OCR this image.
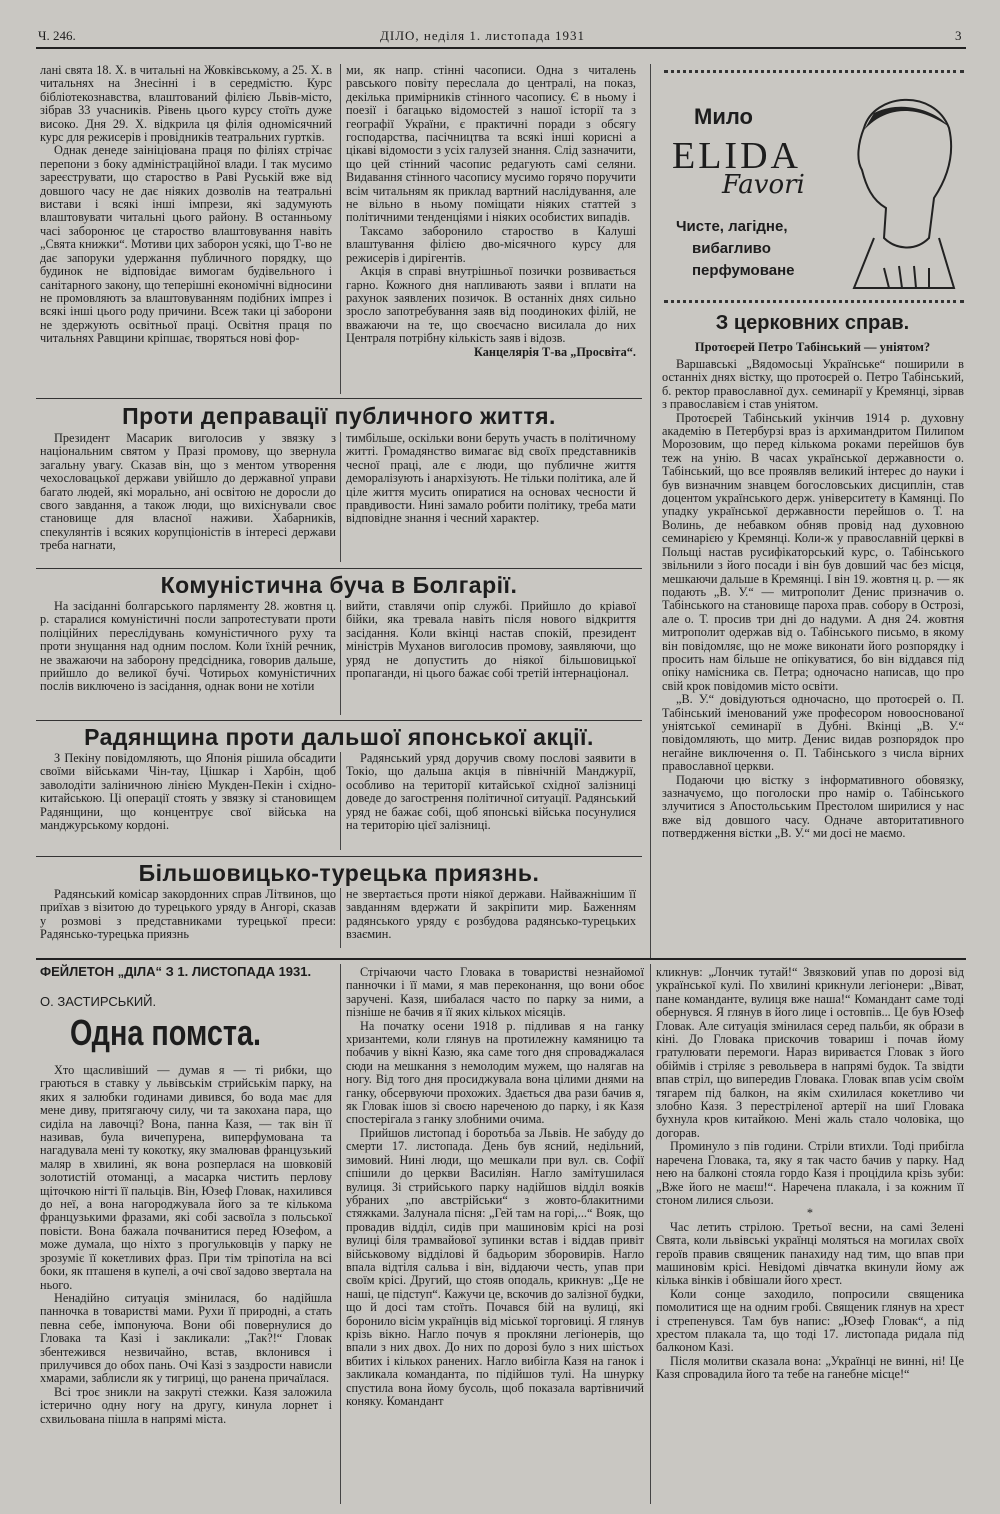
Ч. 246.	ДІЛО, неділя 1. листопада 1931	3

лані свята 18. X. в читальні на Жовківському, а 25. X. в читальнях на Знесінні і в середмістю. Курс бібліотекознавства, влаштований філією Львів-місто, зібрав 33 учасників. Рівень цього курсу стоїть дуже високо. Дня 29. X. відкрила ця філія одномісячний курс для режисерів і провідників театральних гуртків.

Однак денеде заініціована праця по філіях стрічає перепони з боку адміністраційної влади. І так мусимо зареєструвати, що староство в Раві Руській вже від довшого часу не дає ніяких дозволів на театральні вистави і всякі інші імпрези, які задумують влаштовувати читальні цього району. В останньому часі заборонює це староство влаштовування навіть „Свята книжки“. Мотиви цих заборон усякі, що Т-во не дає запоруки удержання публичного порядку, що будинок не відповідає вимогам будівельного і санітарного закону, що теперішні економічні відносини не промовляють за влаштовуванням подібних імпрез і всякі інші цього роду причини. Всеж таки ці заборони не здержують освітньої праці. Освітня праця по читальнях Равщини кріпшає, творяться нові фор-

ми, як напр. стінні часописи. Одна з читалень равського повіту переслала до централі, на показ, декілька примірників стінного часопису. Є в ньому і поезії і багацько відомостей з нашої історії та з географії України, є практичні поради з обсягу господарства, пасічництва та всякі інші корисні а цікаві відомости з усіх галузей знання. Слід зазначити, що цей стінний часопис редагують самі селяни. Видавання стінного часопису мусимо горячо поручити всім читальням як приклад вартний наслідування, але не вільно в ньому поміщати ніяких статтей з політичними тенденціями і ніяких особистих випадів.

Таксамо заборонило староство в Калуші влаштування філією дво-місячного курсу для режисерів і дирігентів.

Акція в справі внутрішньої позички розвивається гарно. Кожного дня напливають заяви і вплати на рахунок заявлених позичок. В останніх днях сильно зросло запотребування заяв від поодиноких філій, не вважаючи на те, що своєчасно висилала до них Централя потрібну кількість заяв і відозв.

Канцелярія Т-ва „Просвіта“.
Мило
ELIDA
Favori
Чисте, лагідне,
вибагливо
перфумоване
З церковних справ.
Протоєрей Петро Табінський — уніятом?

Варшавські „Вядомосьці Українське“ поширили в останніх днях вістку, що протоєрей о. Петро Табінський, б. ректор православної дух. семинарії у Кремянці, зірвав з православієм і став уніятом.

Протоєрей Табінський укінчив 1914 р. духовну академію в Петербурзі враз із архимандритом Пилипом Морозовим, що перед кількома роками перейшов був теж на унію. В часах української державности о. Табінський, що все проявляв великий інтерес до науки і був визначним знавцем богословських дисциплін, став доцентом українського держ. університету в Камянці. По упадку української державности перейшов о. Т. на Волинь, де небавком обняв провід над духовною семинарією у Кремянці. Коли-ж у православній церкві в Польщі настав русифікаторський курс, о. Табінського звільнили з його посади і він був довший час без місця, мешкаючи дальше в Кремянці. І він 19. жовтня ц. р. — як подають „В. У.“ — митрополит Денис призначив о. Табінського на становище пароха прав. собору в Острозі, але о. Т. просив три дні до надуми. А дня 24. жовтня митрополит одержав від о. Табінського письмо, в якому він повідомляє, що не може виконати його розпорядку і просить нам більше не опікуватися, бо він віддався під опіку намісника св. Петра; одночасно написав, що про свій крок повідомив місто освіти.

„В. У.“ довідуються одночасно, що протоєрей о. П. Табінський іменований уже професором новооснованої уніятської семинарії в Дубні. Вкінці „В. У.“ повідомляють, що митр. Денис видав розпорядок про негайне виключення о. П. Табінського з числа вірних православної церкви.

Подаючи цю вістку з інформативного обовязку, зазначуємо, що поголоски про намір о. Табінського злучитися з Апостольським Престолом ширилися у нас вже від довшого часу. Одначе авторитативного потвердження вістки „В. У.“ ми досі не маємо.

Проти деправації публичного життя.

Президент Масарик виголосив у звязку з національним святом у Празі промову, що звернула загальну увагу. Сказав він, що з ментом утворення чехословацької держави увійшло до державної управи багато людей, які морально, ані освітою не доросли до свого завдання, а також люди, що вихіснували своє становище для власної наживи. Хабарників, спекулянтів і всяких корупціоністів в інтересі держави треба нагнати,

тимбільше, оскільки вони беруть участь в політичному житті. Громадянство вимагає від своїх представників чесної праці, але є люди, що публичне життя деморалізують і анархізують. Не тільки політика, але й ціле життя мусить опиратися на основах чесности й правдивости. Нині замало робити політику, треба мати відповідне знання і чесний характер.

Комуністична буча в Болгарії.

На засіданні болгарського парляменту 28. жовтня ц. р. старалися комуністичні посли запротестувати проти поліційних переслідувань комуністичного руху та проти знущання над одним послом. Коли їхній речник, не зважаючи на заборону предсідника, говорив дальше, прийшло до великої бучі. Чотирьох комуністичних послів виключено із засідання, однак вони не хотіли

вийти, ставлячи опір службі. Прийшло до кріавої бійки, яка тревала навіть після нового відкриття засідання. Коли вкінці настав спокій, президент міністрів Муханов виголосив промову, заявляючи, що уряд не допустить до ніякої більшовицької пропаганди, ні цього бажає собі третій інтернаціонал.

Радянщина проти дальшої японської акції.

З Пекіну повідомляють, що Японія рішила обсадити своїми військами Чін-тау, Цішкар і Харбін, щоб заволодіти заліничною лінією Мукден-Пекін і східно-китайською. Ці операції стоять у звязку зі становищем Радянщини, що концентрує свої війська на манджурському кордоні.

Радянський уряд доручив свому послові заявити в Токіо, що дальша акція в північній Манджурії, особливо на території китайської східної залізниці доведе до загострення політичної ситуації. Радянський уряд не бажає собі, щоб японські війська посунулися на територію цієї залізниці.

Більшовицько-турецька приязнь.

Радянський комісар закордонних справ Літвинов, що приїхав з візитою до турецького уряду в Ангорі, сказав у розмові з представниками турецької преси: Радянсько-турецька приязнь

не звертається проти ніякої держави. Найважнішим її завданням вдержати й закріпити мир. Баженням радянського уряду є розбудова радянсько-турецьких взаємин.

ФЕЙЛЕТОН „ДІЛА“ З 1. ЛИСТОПАДА 1931.
О. ЗАСТИРСЬКИЙ.
Одна помста.

Хто щасливіший — думав я — ті рибки, що граються в ставку у львівськім стрийськім парку, на яких я залюбки годинами дивився, бо вода має для мене диву, притягаючу силу, чи та закохана пара, що сиділа на лавочці? Вона, панна Казя, — так він її називав, була вичепурена, виперфумована та нагадувала мені ту кокотку, яку змалював французький маляр в хвилині, як вона розперлася на шовковій золотистій отоманці, а масарка чистить перлову щіточкою нігті її пальців. Він, Юзеф Гловак, нахилився до неї, а вона нагороджувала його за те кількома французькими фразами, які собі засвоїла з польської повісти. Вона бажала почванитися перед Юзефом, а може думала, що ніхто з прогульковців у парку не зрозуміє її кокетливих фраз. При тім тріпотіла на всі боки, як пташеня в купелі, а очі свої задово звертала на нього.

Ненадійно ситуація змінилася, бо надійшла панночка в товаристві мами. Рухи її природні, а стать певна себе, імпонуюча. Вони обі повернулися до Гловака та Казі і закликали: „Так?!“ Гловак збентежився незвичайно, встав, вклонився і прилучився до обох пань. Очі Казі з заздрости нависли хмарами, заблисли як у тигриці, що ранена причаїлася.

Всі троє зникли на закруті стежки. Казя заложила істерично одну ногу на другу, кинула лорнет і схвильована пішла в напрямі міста.

Стрічаючи часто Гловака в товаристві незнайомої панночки і її мами, я мав переконання, що вони обоє заручені. Казя, шибалася часто по парку за ними, а пізніше не бачив я її яких кількох місяців.

На початку осени 1918 р. підливав я на ганку хризантеми, коли глянув на протилежну камяницю та побачив у вікні Казю, яка саме того дня спроваджалася сюди на мешкання з немолодим мужем, що налягав на ногу. Від того дня просиджувала вона цілими днями на ганку, обсервуючи прохожих. Здається два рази бачив я, як Гловак ішов зі своєю нареченою до парку, і як Казя спостерігала з ганку злобними очима.

Прийшов листопад і боротьба за Львів. Не забуду до смерти 17. листопада. День був ясний, недільний, зимовий. Нинi люди, що мешкали при вул. св. Софії спішили до церкви Василіян. Нагло замітушилася вулиця. Зі стрийського парку надійшов відділ вояків убраних „по австрійськи“ з жовто-блакитними стяжками. Залунала пісня: „Гей там на горі,...“ Вояк, що провадив відділ, сидів при машиновім крісі на розі вулиці біля трамвайової зупинки встав і віддав привіт військовому відділові й бадьорим зборовирів. Нагло впала відтіля сальва і він, віддаючи честь, упав при своїм крісі. Другий, що стояв оподаль, крикнув: „Це не наші, це підступ“. Кажучи це, вскочив до залізної будки, що й досі там стоїть. Почався бій на вулиці, які боронило вісім українців від міської торговиці. Я глянув крізь вікно. Нагло почув я прокляни легіонерів, що впали з них двох. До них по дорозі було з них шістьох вбитих і кількох ранених. Нагло вибігла Казя на ганок і закликала команданта, по підійшов тулі. На шнурку спустила вона йому бусоль, щоб показала вартівничий коняку. Командант

кликнув: „Лончик тутай!“ Звязковий упав по дорозі від української кулі. По хвилині крикнули легіонери: „Віват, пане команданте, вулиця вже наша!“ Командант саме тоді обернувся. Я глянув в його лице і остовпів... Це був Юзеф Гловак. Але ситуація змінилася серед пальби, як образи в кіні. До Гловака прискочив товариш і почав йому гратулювати перемоги. Нараз вириваєтся Гловак з його обіймів і стріляє з револьвера в напрямі будок. Та звідти впав стріл, що випередив Гловака. Гловак впав усім своїм тягарем під балкон, на якім схилилася кокетливо чи злобно Казя. З перестріленої артерії на шиї Гловака бухнула кров китайкою. Мені жаль стало чоловіка, що догорав.

Проминуло з пів години. Стріли втихли. Тоді прибігла наречена Гловака, та, яку я так часто бачив у парку. Над нею на балконі стояла гордо Казя і процідила крізь зуби: „Вже його не маєш!“. Наречена плакала, і за кожним її стоном лилися сльози.

*

Час летить стрілою. Третьої весни, на самі Зелені Свята, коли львівські українці моляться на могилах своїх героїв правив священик панахиду над тим, що впав при машиновім крісі. Невідомі дівчатка вкинули йому аж кілька вінків і обвішали його хрест.

Коли сонце заходило, попросили священика помолитися ще на одним гробі. Священик глянув на хрест і стрепенувся. Там був напис: „Юзеф Гловак“, а під хрестом плакала та, що тоді 17. листопада ридала під балконом Казі.

Після молитви сказала вона: „Українці не винні, ні! Це Казя спровадила його та тебе на ганебне місце!“
